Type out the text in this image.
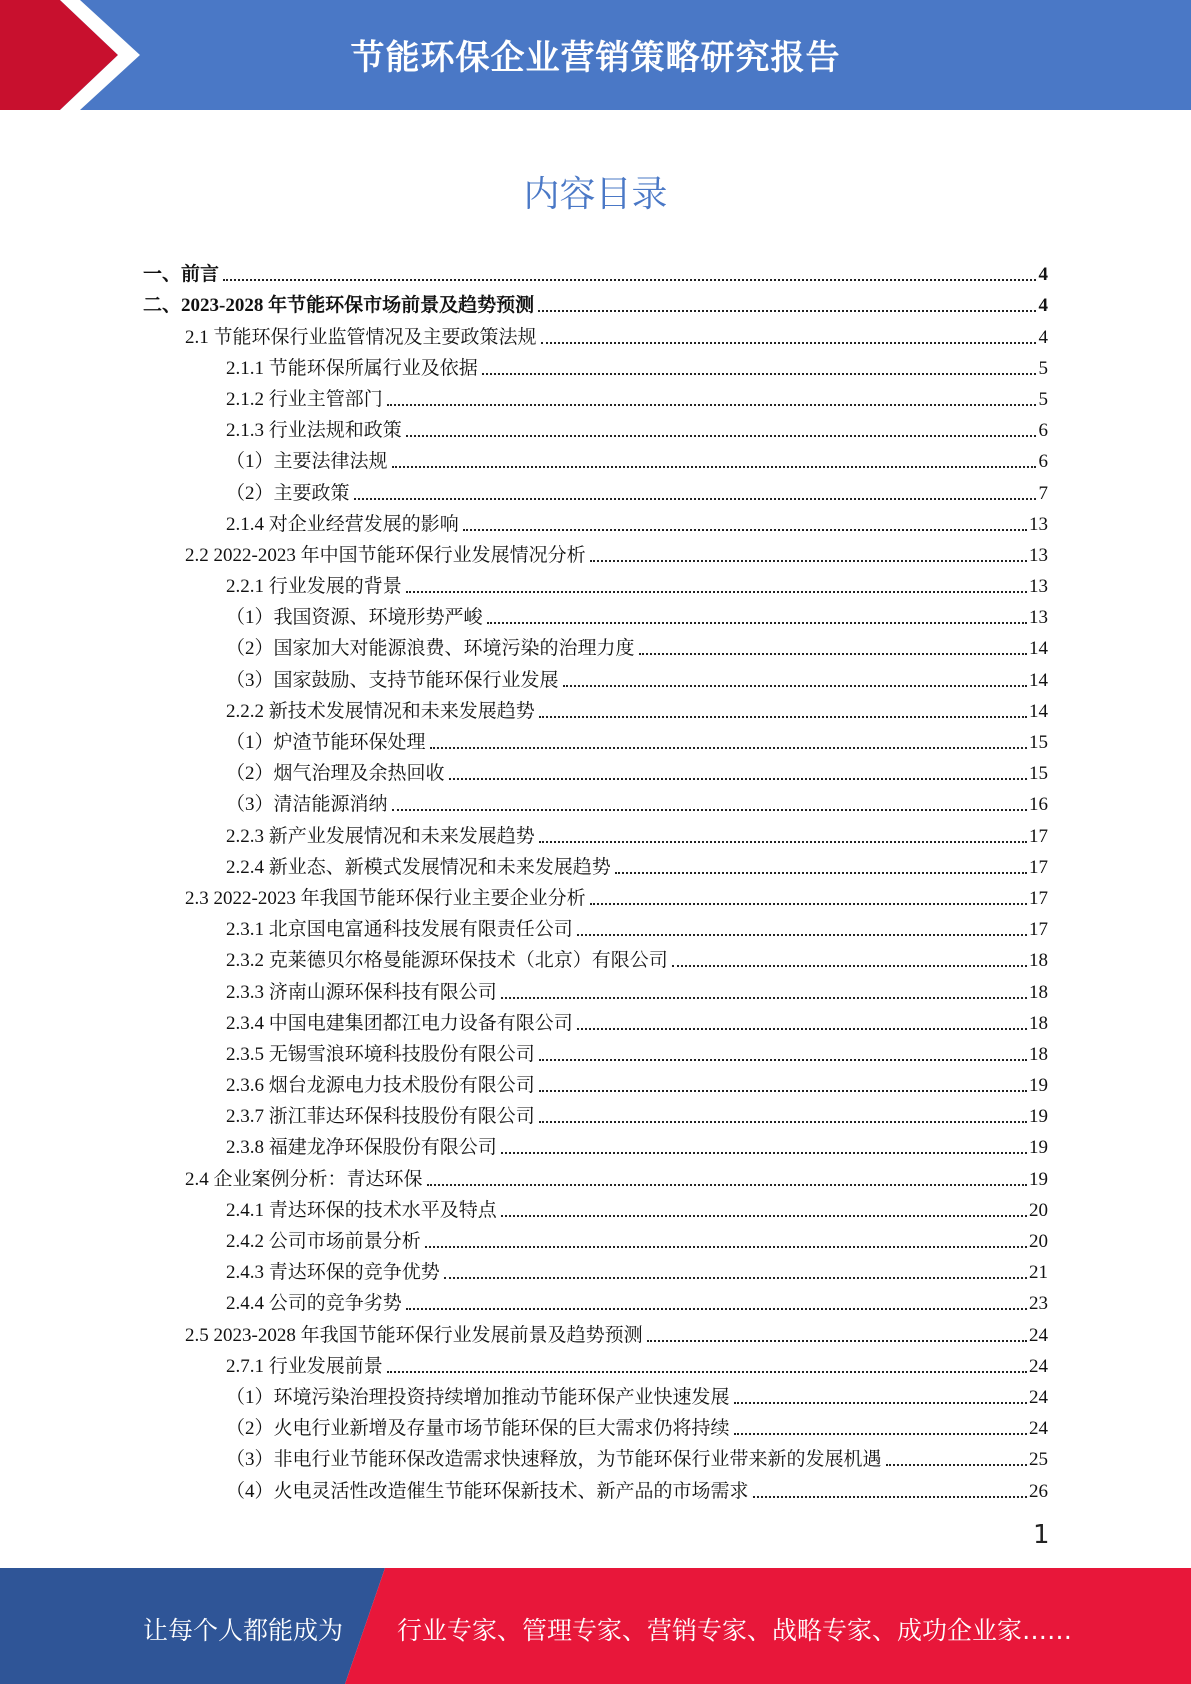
节能环保企业营销策略研究报告
内容目录
一、前言	4
二、2023-2028 年节能环保市场前景及趋势预测	4
2.1 节能环保行业监管情况及主要政策法规	4
2.1.1 节能环保所属行业及依据	5
2.1.2 行业主管部门	5
2.1.3 行业法规和政策	6
（1）主要法律法规	6
（2）主要政策	7
2.1.4 对企业经营发展的影响	13
2.2 2022-2023 年中国节能环保行业发展情况分析	13
2.2.1 行业发展的背景	13
（1）我国资源、环境形势严峻	13
（2）国家加大对能源浪费、环境污染的治理力度	14
（3）国家鼓励、支持节能环保行业发展	14
2.2.2 新技术发展情况和未来发展趋势	14
（1）炉渣节能环保处理	15
（2）烟气治理及余热回收	15
（3）清洁能源消纳	16
2.2.3 新产业发展情况和未来发展趋势	17
2.2.4 新业态、新模式发展情况和未来发展趋势	17
2.3 2022-2023 年我国节能环保行业主要企业分析	17
2.3.1 北京国电富通科技发展有限责任公司	17
2.3.2 克莱德贝尔格曼能源环保技术（北京）有限公司	18
2.3.3 济南山源环保科技有限公司	18
2.3.4 中国电建集团都江电力设备有限公司	18
2.3.5 无锡雪浪环境科技股份有限公司	18
2.3.6 烟台龙源电力技术股份有限公司	19
2.3.7 浙江菲达环保科技股份有限公司	19
2.3.8 福建龙净环保股份有限公司	19
2.4 企业案例分析：青达环保	19
2.4.1 青达环保的技术水平及特点	20
2.4.2 公司市场前景分析	20
2.4.3 青达环保的竞争优势	21
2.4.4 公司的竞争劣势	23
2.5 2023-2028 年我国节能环保行业发展前景及趋势预测	24
2.7.1 行业发展前景	24
（1）环境污染治理投资持续增加推动节能环保产业快速发展	24
（2）火电行业新增及存量市场节能环保的巨大需求仍将持续	24
（3）非电行业节能环保改造需求快速释放，为节能环保行业带来新的发展机遇	25
（4）火电灵活性改造催生节能环保新技术、新产品的市场需求	26
1
让每个人都能成为 行业专家、管理专家、营销专家、战略专家、成功企业家……
